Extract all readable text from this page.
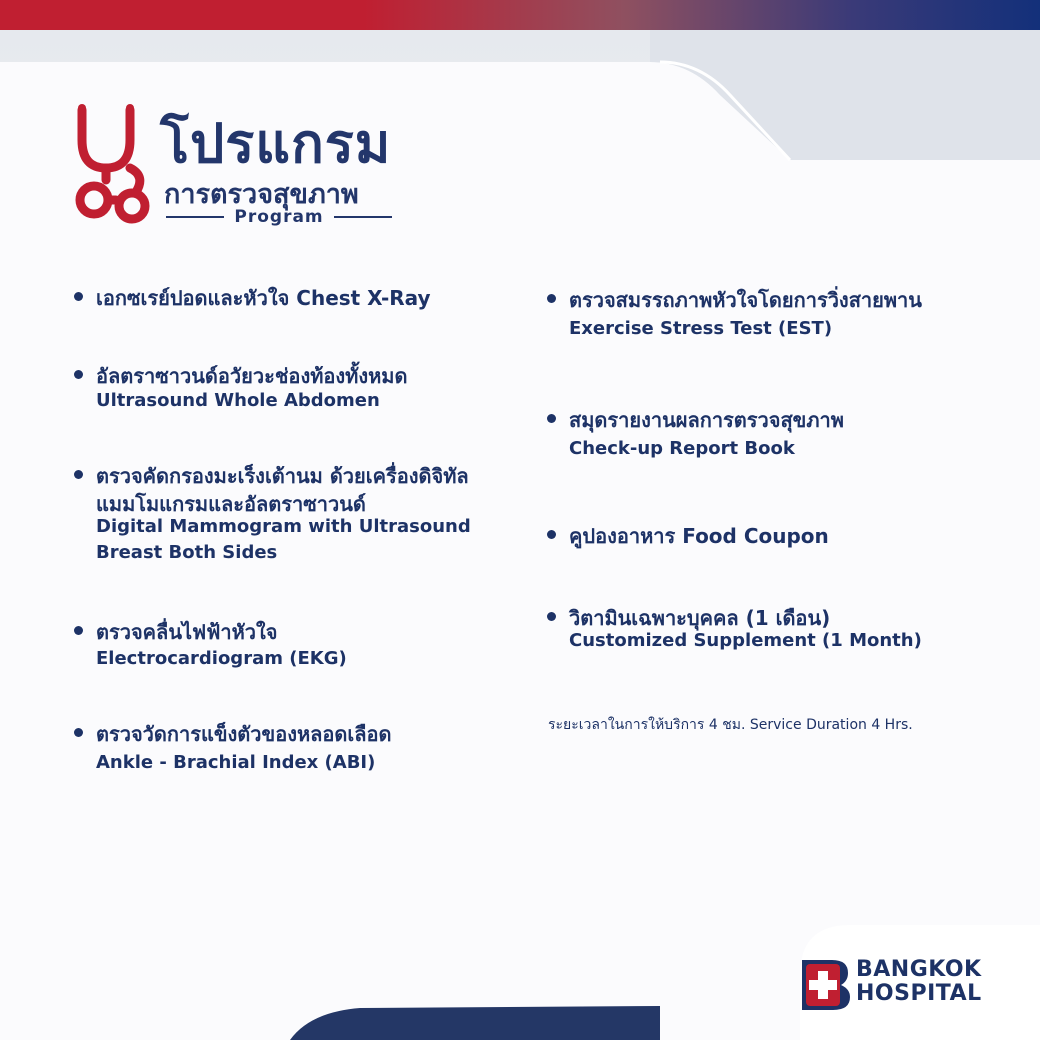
โปรแกรม
การตรวจสุขภาพ
Program
เอกซเรย์ปอดและหัวใจ Chest X-Ray
อัลตราซาวนด์อวัยวะช่องท้องทั้งหมด
Ultrasound Whole Abdomen
ตรวจคัดกรองมะเร็งเต้านม ด้วยเครื่องดิจิทัล
แมมโมแกรมและอัลตราซาวนด์
Digital Mammogram with Ultrasound
Breast Both Sides
ตรวจคลื่นไฟฟ้าหัวใจ
Electrocardiogram (EKG)
ตรวจวัดการแข็งตัวของหลอดเลือด
Ankle - Brachial Index (ABI)
ตรวจสมรรถภาพหัวใจโดยการวิ่งสายพาน
Exercise Stress Test (EST)
สมุดรายงานผลการตรวจสุขภาพ
Check-up Report Book
คูปองอาหาร Food Coupon
วิตามินเฉพาะบุคคล (1 เดือน)
Customized Supplement (1 Month)
ระยะเวลาในการให้บริการ 4 ชม. Service Duration 4 Hrs.
BANGKOK
HOSPITAL
